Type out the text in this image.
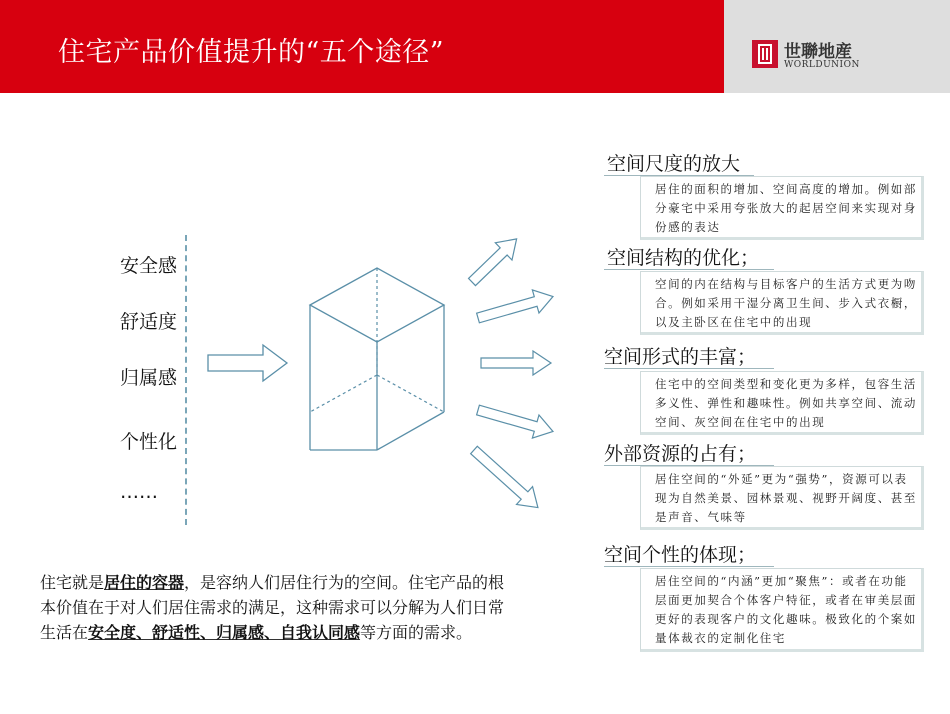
住宅产品价值提升的“五个途径”	世聯地産
WORLDUNION
安全感
舒适度
归属感
个性化
……
空间尺度的放大
居住的面积的增加、空间高度的增加。例如部分豪宅中采用夸张放大的起居空间来实现对身份感的表达
空间结构的优化；
空间的内在结构与目标客户的生活方式更为吻合。例如采用干湿分离卫生间、步入式衣橱，以及主卧区在住宅中的出现
空间形式的丰富；
住宅中的空间类型和变化更为多样，包容生活多义性、弹性和趣味性。例如共享空间、流动空间、灰空间在住宅中的出现
外部资源的占有；
居住空间的“外延”更为“强势”，资源可以表现为自然美景、园林景观、视野开阔度、甚至是声音、气味等
空间个性的体现；
居住空间的“内涵”更加“聚焦”：或者在功能层面更加契合个体客户特征，或者在审美层面更好的表现客户的文化趣味。极致化的个案如量体裁衣的定制化住宅
住宅就是居住的容器，是容纳人们居住行为的空间。住宅产品的根本价值在于对人们居住需求的满足，这种需求可以分解为人们日常生活在安全度、舒适性、归属感、自我认同感等方面的需求。
